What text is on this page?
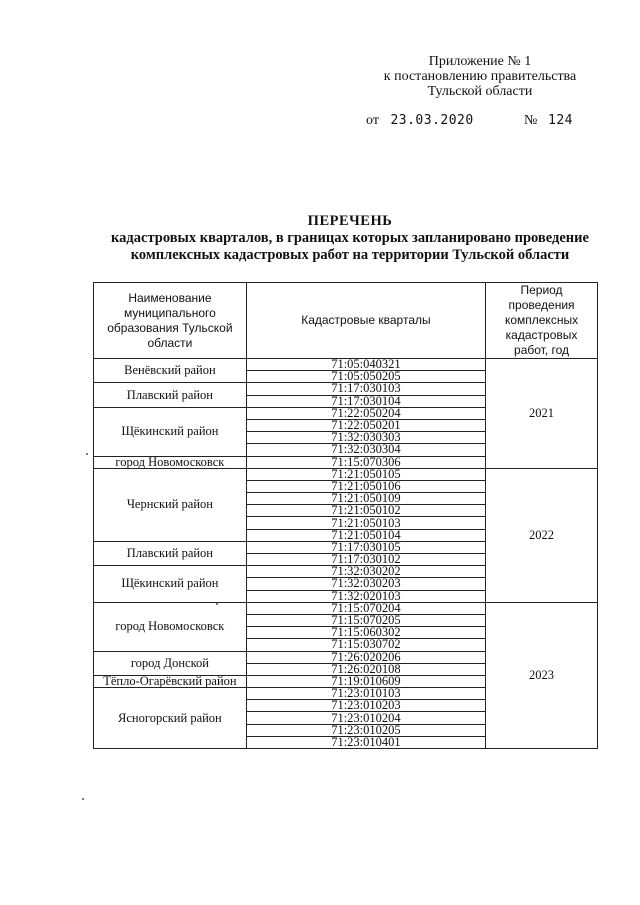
Приложение № 1
к постановлению правительства
Тульской области
от 23.03.2020	№ 124
ПЕРЕЧЕНЬ
кадастровых кварталов, в границах которых запланировано проведение
комплексных кадастровых работ на территории Тульской области
Наименование муниципального образования Тульской области	Кадастровые кварталы	Период проведения комплексных кадастровых работ, год
Венёвский район	71:05:040321	2021
	71:05:050205	
Плавский район	71:17:030103	
	71:17:030104	
Щёкинский район	71:22:050204	
	71:22:050201	
	71:32:030303	
	71:32:030304	
город Новомосковск	71:15:070306	
Чернский район	71:21:050105	2022
	71:21:050106	
	71:21:050109	
	71:21:050102	
	71:21:050103	
	71:21:050104	
Плавский район	71:17:030105	
	71:17:030102	
Щёкинский район	71:32:030202	
	71:32:030203	
	71:32:020103	
город Новомосковск	71:15:070204	2023
	71:15:070205	
	71:15:060302	
	71:15:030702	
город Донской	71:26:020206	
	71:26:020108	
Тёпло-Огарёвский район	71:19:010609	
Ясногорский район	71:23:010103	
	71:23:010203	
	71:23:010204	
	71:23:010205	
	71:23:010401	
